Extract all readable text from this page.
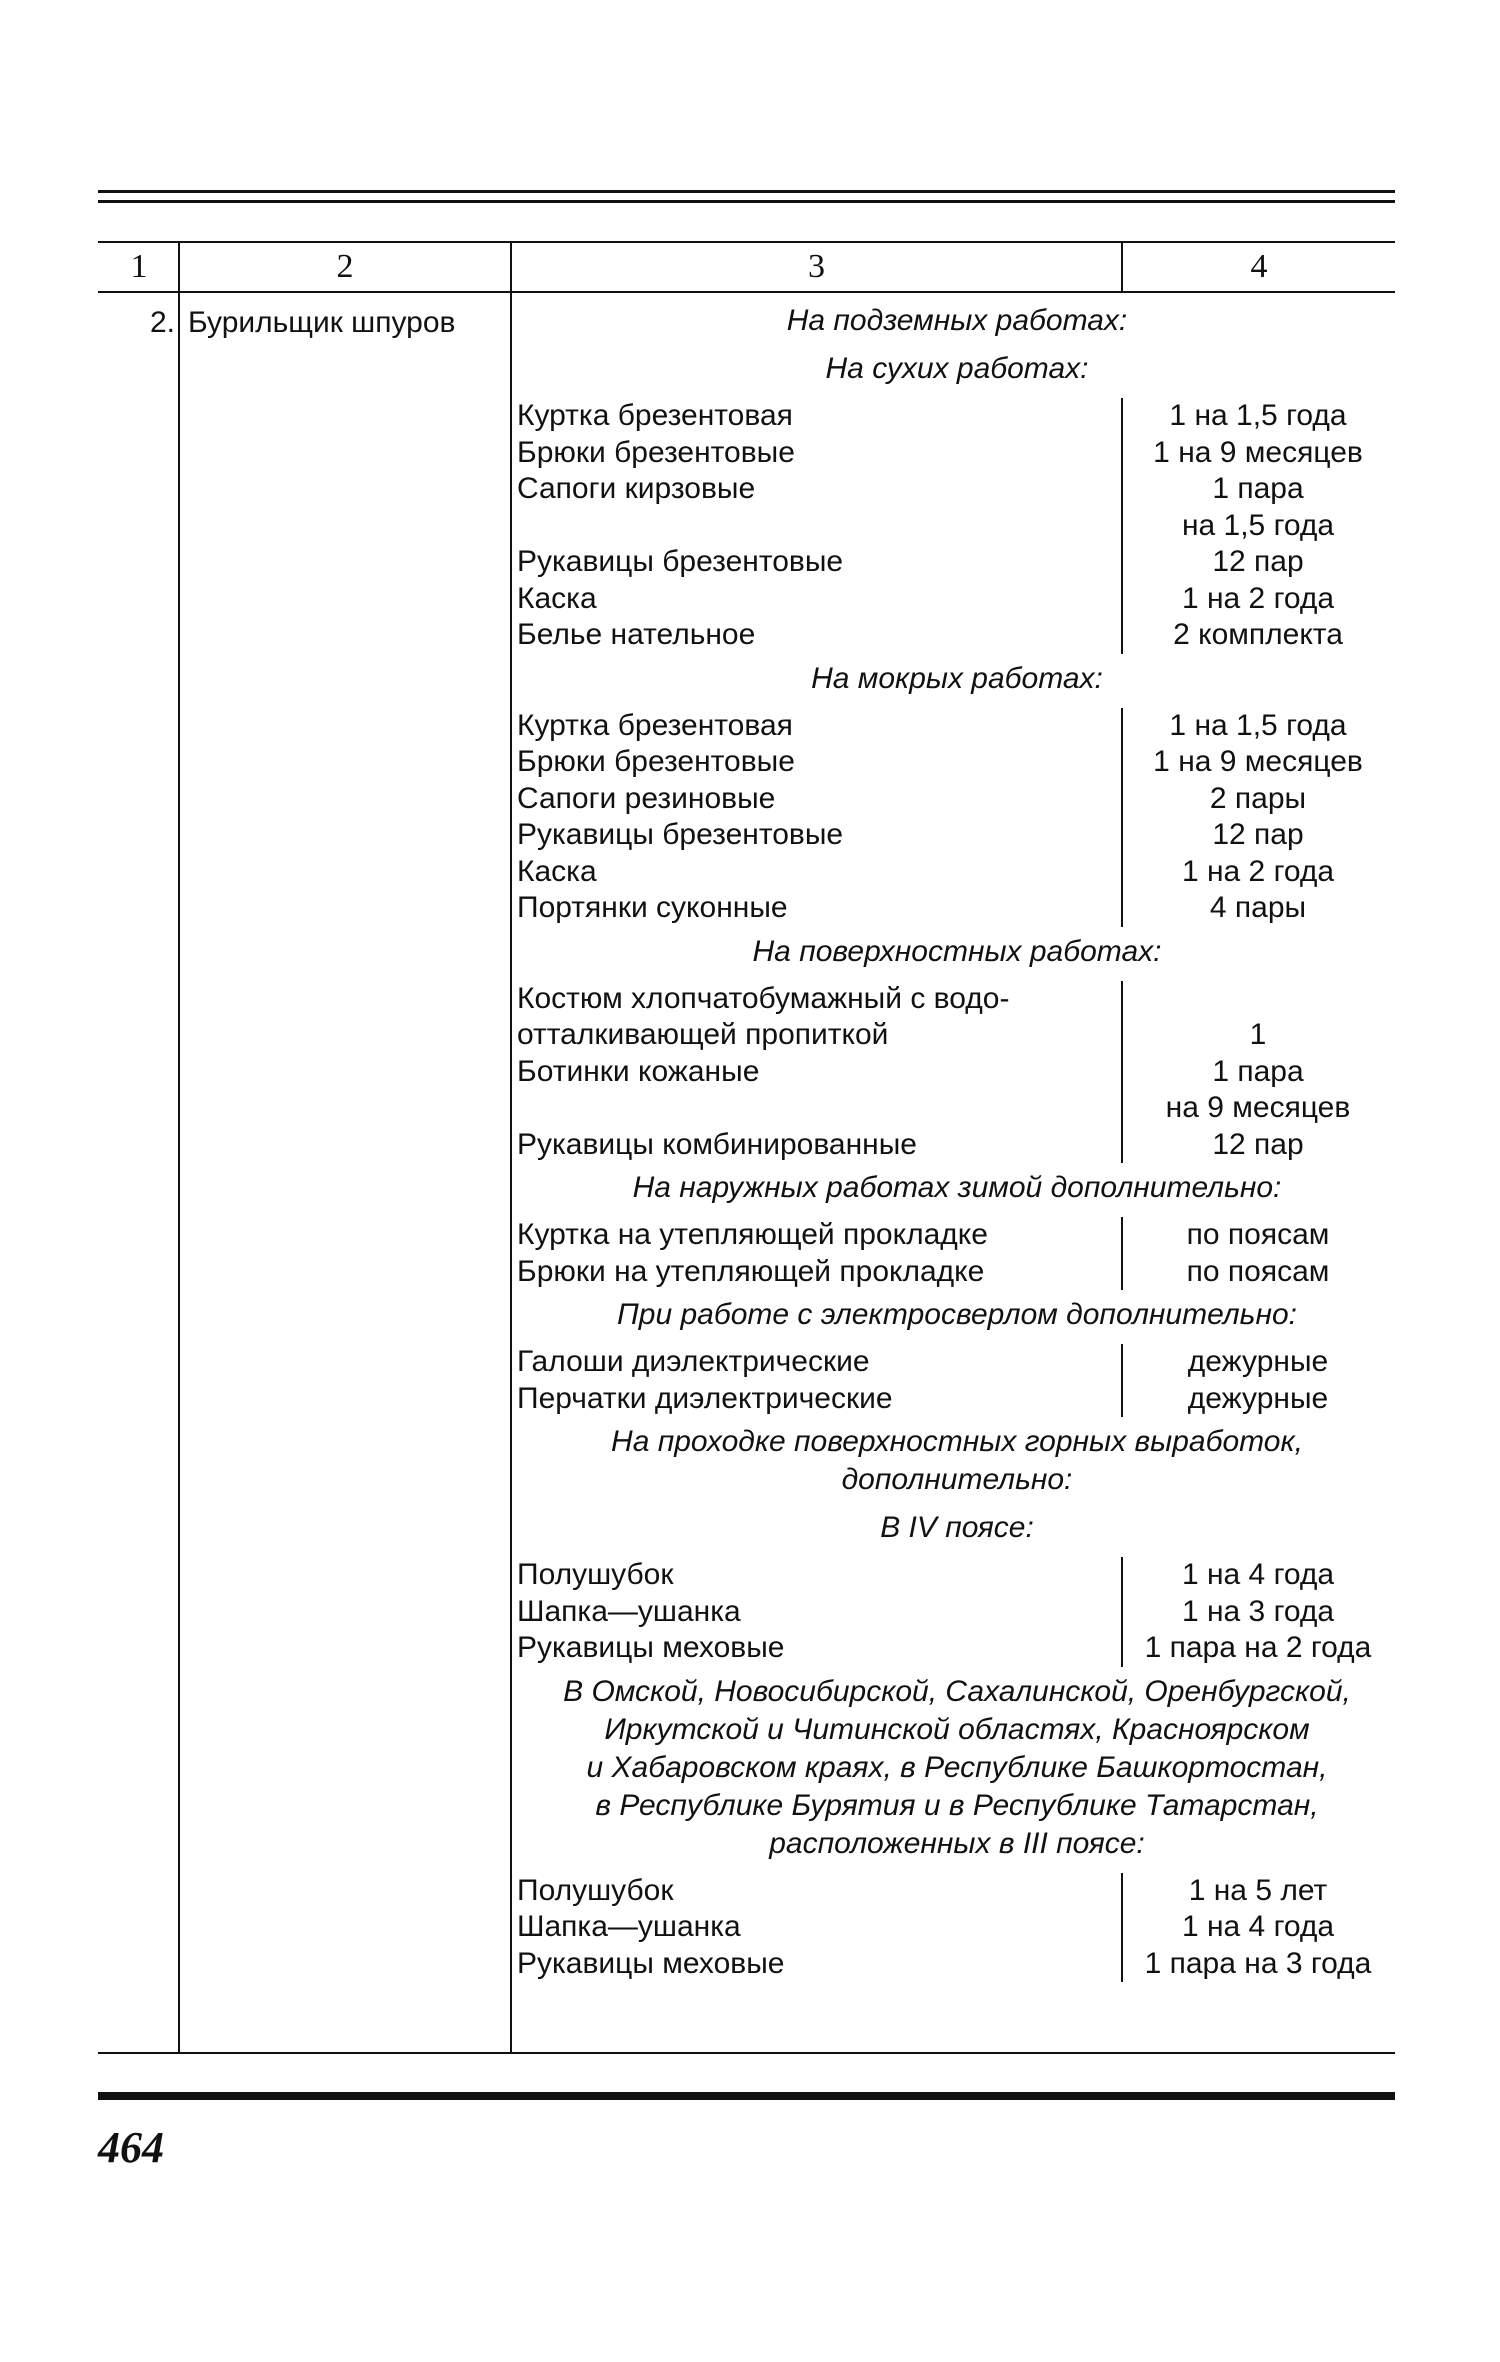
1	2	3	4
2. Бурильщик шпуров	На подземных работах:
На сухих работах:
Куртка брезентовая	1 на 1,5 года
Брюки брезентовые	1 на 9 месяцев
Сапоги кирзовые	1 пара
на 1,5 года
Рукавицы брезентовые	12 пар
Каска	1 на 2 года
Белье нательное	2 комплекта
На мокрых работах:
Куртка брезентовая	1 на 1,5 года
Брюки брезентовые	1 на 9 месяцев
Сапоги резиновые	2 пары
Рукавицы брезентовые	12 пар
Каска	1 на 2 года
Портянки суконные	4 пары
На поверхностных работах:
Костюм хлопчатобумажный с водо-
отталкивающей пропиткой	1
Ботинки кожаные	1 пара
на 9 месяцев
Рукавицы комбинированные	12 пар
На наружных работах зимой дополнительно:
Куртка на утепляющей прокладке	по поясам
Брюки на утепляющей прокладке	по поясам
При работе с электросверлом дополнительно:
Галоши диэлектрические	дежурные
Перчатки диэлектрические	дежурные
На проходке поверхностных горных выработок,
дополнительно:
В IV поясе:
Полушубок	1 на 4 года
Шапка—ушанка	1 на 3 года
Рукавицы меховые	1 пара на 2 года
В Омской, Новосибирской, Сахалинской, Оренбургской,
Иркутской и Читинской областях, Красноярском
и Хабаровском краях, в Республике Башкортостан,
в Республике Бурятия и в Республике Татарстан,
расположенных в III поясе:
Полушубок	1 на 5 лет
Шапка—ушанка	1 на 4 года
Рукавицы меховые	1 пара на 3 года
464
